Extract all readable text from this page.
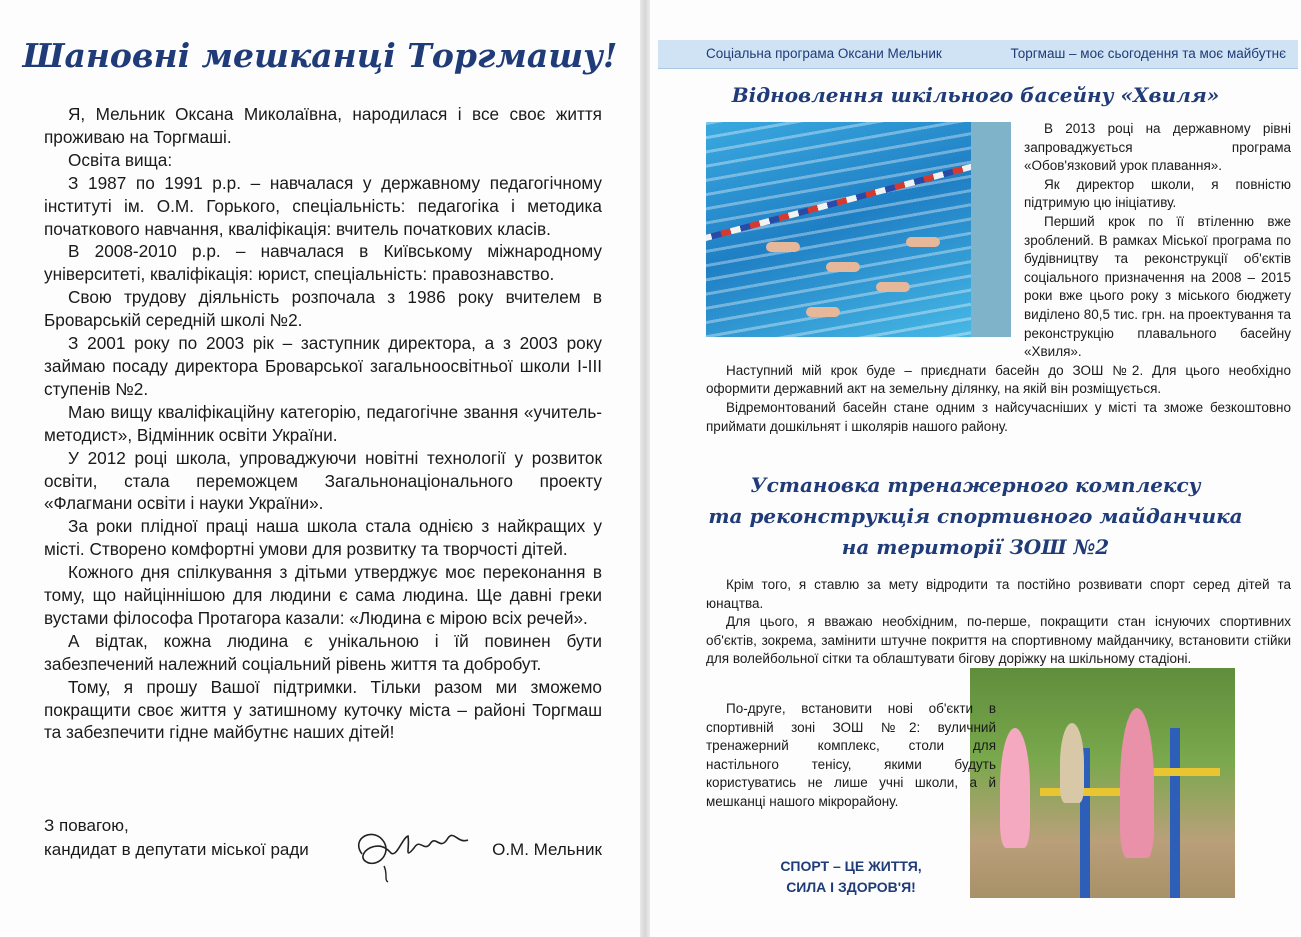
Шановні мешканці Торгмашу!

Я, Мельник Оксана Миколаївна, народилася і все своє життя проживаю на Торгмаші.

Освіта вища:

З 1987 по 1991 р.р. – навчалася у державному педагогічному інституті ім. О.М. Горького, спеціальність: педагогіка і методика початкового навчання, кваліфікація: вчитель початкових класів.

В 2008-2010 р.р. – навчалася в Київському міжнародному університеті, кваліфікація: юрист, спеціальність: правознавство.

Свою трудову діяльність розпочала з 1986 року вчителем в Броварській середній школі №2.

З 2001 року по 2003 рік – заступник директора, а з 2003 року займаю посаду директора Броварської загальноосвітньої школи І-ІІІ ступенів №2.

Маю вищу кваліфікаційну категорію, педагогічне звання «учитель-методист», Відмінник освіти України.

У 2012 році школа, упроваджуючи новітні технології у розвиток освіти, стала переможцем Загальнонаціонального проекту «Флагмани освіти і науки України».

За роки плідної праці наша школа стала однією з найкращих у місті. Створено комфортні умови для розвитку та творчості дітей.

Кожного дня спілкування з дітьми утверджує моє переконання в тому, що найціннішою для людини є сама людина. Ще давні греки вустами філософа Протагора казали: «Людина є мірою всіх речей».

А відтак, кожна людина є унікальною і їй повинен бути забезпечений належний соціальний рівень життя та добробут.

Тому, я прошу Вашої підтримки. Тільки разом ми зможемо покращити своє життя у затишному куточку міста – районі Торгмаш та забезпечити гідне майбутнє наших дітей!

З повагою,
кандидат в депутати міської ради	О.М. Мельник
Соціальна програма Оксани Мельник	Торгмаш – моє сьогодення та моє майбутнє
Відновлення шкільного басейну «Хвиля»

В 2013 році на державному рівні запроваджується програма «Обов'язковий урок плавання».

Як директор школи, я повністю підтримую цю ініціативу.

Перший крок по її втіленню вже зроблений. В рамках Міської програма по будівництву та реконструкції об'єктів соціального призначення на 2008 – 2015 роки вже цього року з міського бюджету виділено 80,5 тис. грн. на проектування та реконструкцію плавального басейну «Хвиля».

Наступний мій крок буде – приєднати басейн до ЗОШ №2. Для цього необхідно оформити державний акт на земельну ділянку, на якій він розміщується.

Відремонтований басейн стане одним з найсучасніших у місті та зможе безкоштовно приймати дошкільнят і школярів нашого району.

Установка тренажерного комплексу
та реконструкція спортивного майданчика
на території ЗОШ №2

Крім того, я ставлю за мету відродити та постійно розвивати спорт серед дітей та юнацтва.

Для цього, я вважаю необхідним, по-перше, покращити стан існуючих спортивних об'єктів, зокрема, замінити штучне покриття на спортивному майданчику, встановити стійки для волейбольної сітки та облаштувати бігову доріжку на шкільному стадіоні.

По-друге, встановити нові об'єкти в спортивній зоні ЗОШ №2: вуличний тренажерний комплекс, столи для настільного тенісу, якими будуть користуватись не лише учні школи, а й мешканці нашого мікрорайону.

СПОРТ – ЦЕ ЖИТТЯ,
СИЛА І ЗДОРОВ'Я!
